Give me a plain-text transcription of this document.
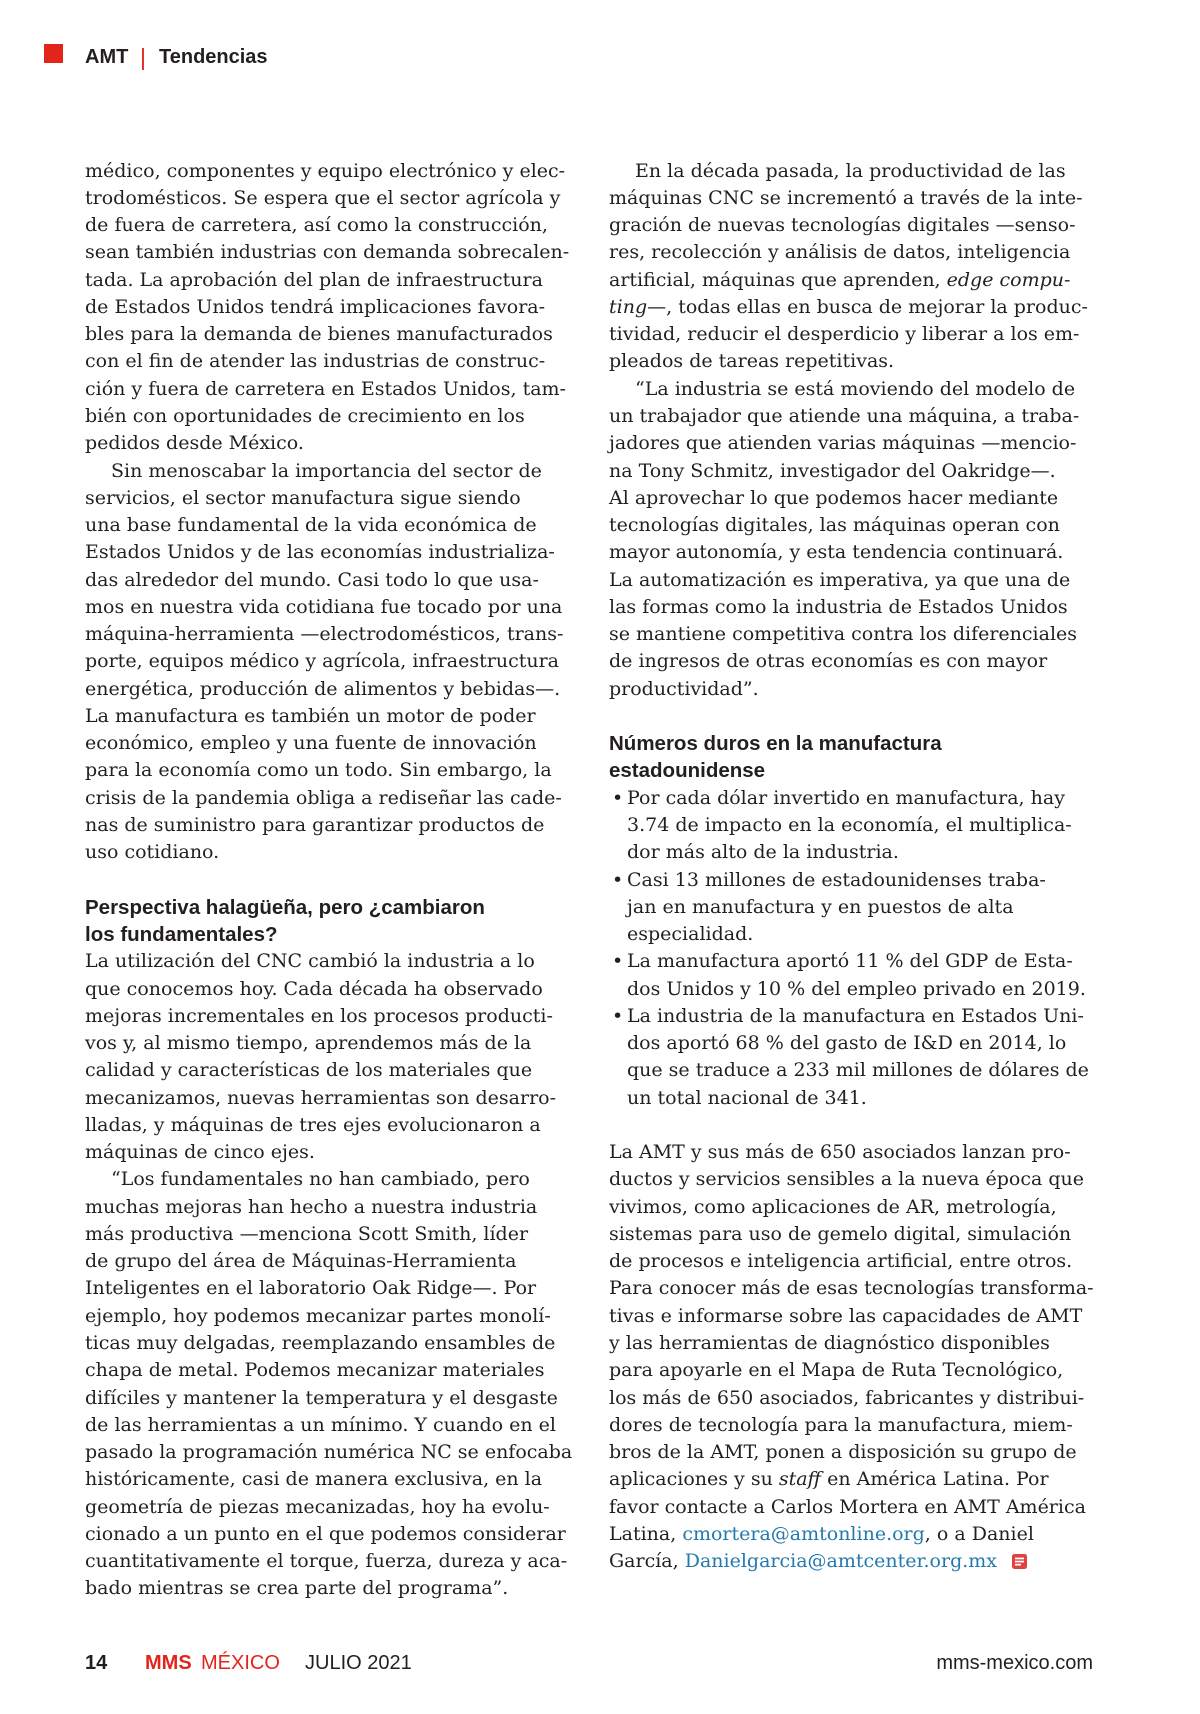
AMT | Tendencias
médico, componentes y equipo electrónico y elec-
trodomésticos. Se espera que el sector agrícola y
de fuera de carretera, así como la construcción,
sean también industrias con demanda sobrecalen-
tada. La aprobación del plan de infraestructura
de Estados Unidos tendrá implicaciones favora-
bles para la demanda de bienes manufacturados
con el fin de atender las industrias de construc-
ción y fuera de carretera en Estados Unidos, tam-
bién con oportunidades de crecimiento en los
pedidos desde México.
Sin menoscabar la importancia del sector de
servicios, el sector manufactura sigue siendo
una base fundamental de la vida económica de
Estados Unidos y de las economías industrializa-
das alrededor del mundo. Casi todo lo que usa-
mos en nuestra vida cotidiana fue tocado por una
máquina-herramienta —electrodomésticos, trans-
porte, equipos médico y agrícola, infraestructura
energética, producción de alimentos y bebidas—.
La manufactura es también un motor de poder
económico, empleo y una fuente de innovación
para la economía como un todo. Sin embargo, la
crisis de la pandemia obliga a rediseñar las cade-
nas de suministro para garantizar productos de
uso cotidiano.
Perspectiva halagüeña, pero ¿cambiaron
los fundamentales?
La utilización del CNC cambió la industria a lo
que conocemos hoy. Cada década ha observado
mejoras incrementales en los procesos producti-
vos y, al mismo tiempo, aprendemos más de la
calidad y características de los materiales que
mecanizamos, nuevas herramientas son desarro-
lladas, y máquinas de tres ejes evolucionaron a
máquinas de cinco ejes.
“Los fundamentales no han cambiado, pero
muchas mejoras han hecho a nuestra industria
más productiva —menciona Scott Smith, líder
de grupo del área de Máquinas-Herramienta
Inteligentes en el laboratorio Oak Ridge—. Por
ejemplo, hoy podemos mecanizar partes monolí-
ticas muy delgadas, reemplazando ensambles de
chapa de metal. Podemos mecanizar materiales
difíciles y mantener la temperatura y el desgaste
de las herramientas a un mínimo. Y cuando en el
pasado la programación numérica NC se enfocaba
históricamente, casi de manera exclusiva, en la
geometría de piezas mecanizadas, hoy ha evolu-
cionado a un punto en el que podemos considerar
cuantitativamente el torque, fuerza, dureza y aca-
bado mientras se crea parte del programa”.
En la década pasada, la productividad de las
máquinas CNC se incrementó a través de la inte-
gración de nuevas tecnologías digitales —senso-
res, recolección y análisis de datos, inteligencia
artificial, máquinas que aprenden, edge compu-
ting—, todas ellas en busca de mejorar la produc-
tividad, reducir el desperdicio y liberar a los em-
pleados de tareas repetitivas.
“La industria se está moviendo del modelo de
un trabajador que atiende una máquina, a traba-
jadores que atienden varias máquinas —mencio-
na Tony Schmitz, investigador del Oakridge—.
Al aprovechar lo que podemos hacer mediante
tecnologías digitales, las máquinas operan con
mayor autonomía, y esta tendencia continuará.
La automatización es imperativa, ya que una de
las formas como la industria de Estados Unidos
se mantiene competitiva contra los diferenciales
de ingresos de otras economías es con mayor
productividad”.
Números duros en la manufactura
estadounidense
• Por cada dólar invertido en manufactura, hay
3.74 de impacto en la economía, el multiplica-
dor más alto de la industria.
• Casi 13 millones de estadounidenses traba-
jan en manufactura y en puestos de alta
especialidad.
• La manufactura aportó 11 % del GDP de Esta-
dos Unidos y 10 % del empleo privado en 2019.
• La industria de la manufactura en Estados Uni-
dos aportó 68 % del gasto de I&D en 2014, lo
que se traduce a 233 mil millones de dólares de
un total nacional de 341.
La AMT y sus más de 650 asociados lanzan pro-
ductos y servicios sensibles a la nueva época que
vivimos, como aplicaciones de AR, metrología,
sistemas para uso de gemelo digital, simulación
de procesos e inteligencia artificial, entre otros.
Para conocer más de esas tecnologías transforma-
tivas e informarse sobre las capacidades de AMT
y las herramientas de diagnóstico disponibles
para apoyarle en el Mapa de Ruta Tecnológico,
los más de 650 asociados, fabricantes y distribui-
dores de tecnología para la manufactura, miem-
bros de la AMT, ponen a disposición su grupo de
aplicaciones y su staff en América Latina. Por
favor contacte a Carlos Mortera en AMT América
Latina, cmortera@amtonline.org, o a Daniel
García, Danielgarcia@amtcenter.org.mx
14 MMS MÉXICO JULIO 2021	mms-mexico.com
